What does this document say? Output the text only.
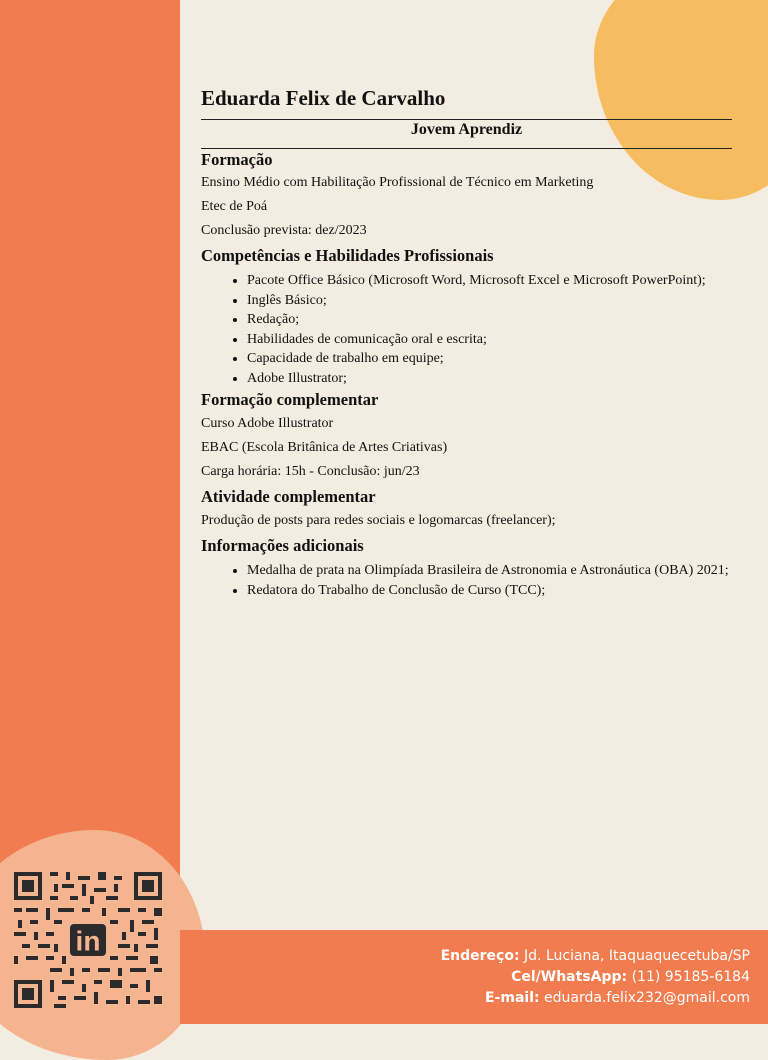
in
Eduarda Felix de Carvalho
Jovem Aprendiz
Formação

Ensino Médio com Habilitação Profissional de Técnico em Marketing

Etec de Poá

Conclusão prevista: dez/2023

Competências e Habilidades Profissionais
• Pacote Office Básico (Microsoft Word, Microsoft Excel e Microsoft PowerPoint);
• Inglês Básico;
• Redação;
• Habilidades de comunicação oral e escrita;
• Capacidade de trabalho em equipe;
• Adobe Illustrator;
Formação complementar

Curso Adobe Illustrator

EBAC (Escola Britânica de Artes Criativas)

Carga horária: 15h - Conclusão: jun/23

Atividade complementar

Produção de posts para redes sociais e logomarcas (freelancer);

Informações adicionais
• Medalha de prata na Olimpíada Brasileira de Astronomia e Astronáutica (OBA) 2021;
• Redatora do Trabalho de Conclusão de Curso (TCC);
Endereço: Jd. Luciana, Itaquaquecetuba/SP
Cel/WhatsApp: (11) 95185-6184
E-mail: eduarda.felix232@gmail.com
